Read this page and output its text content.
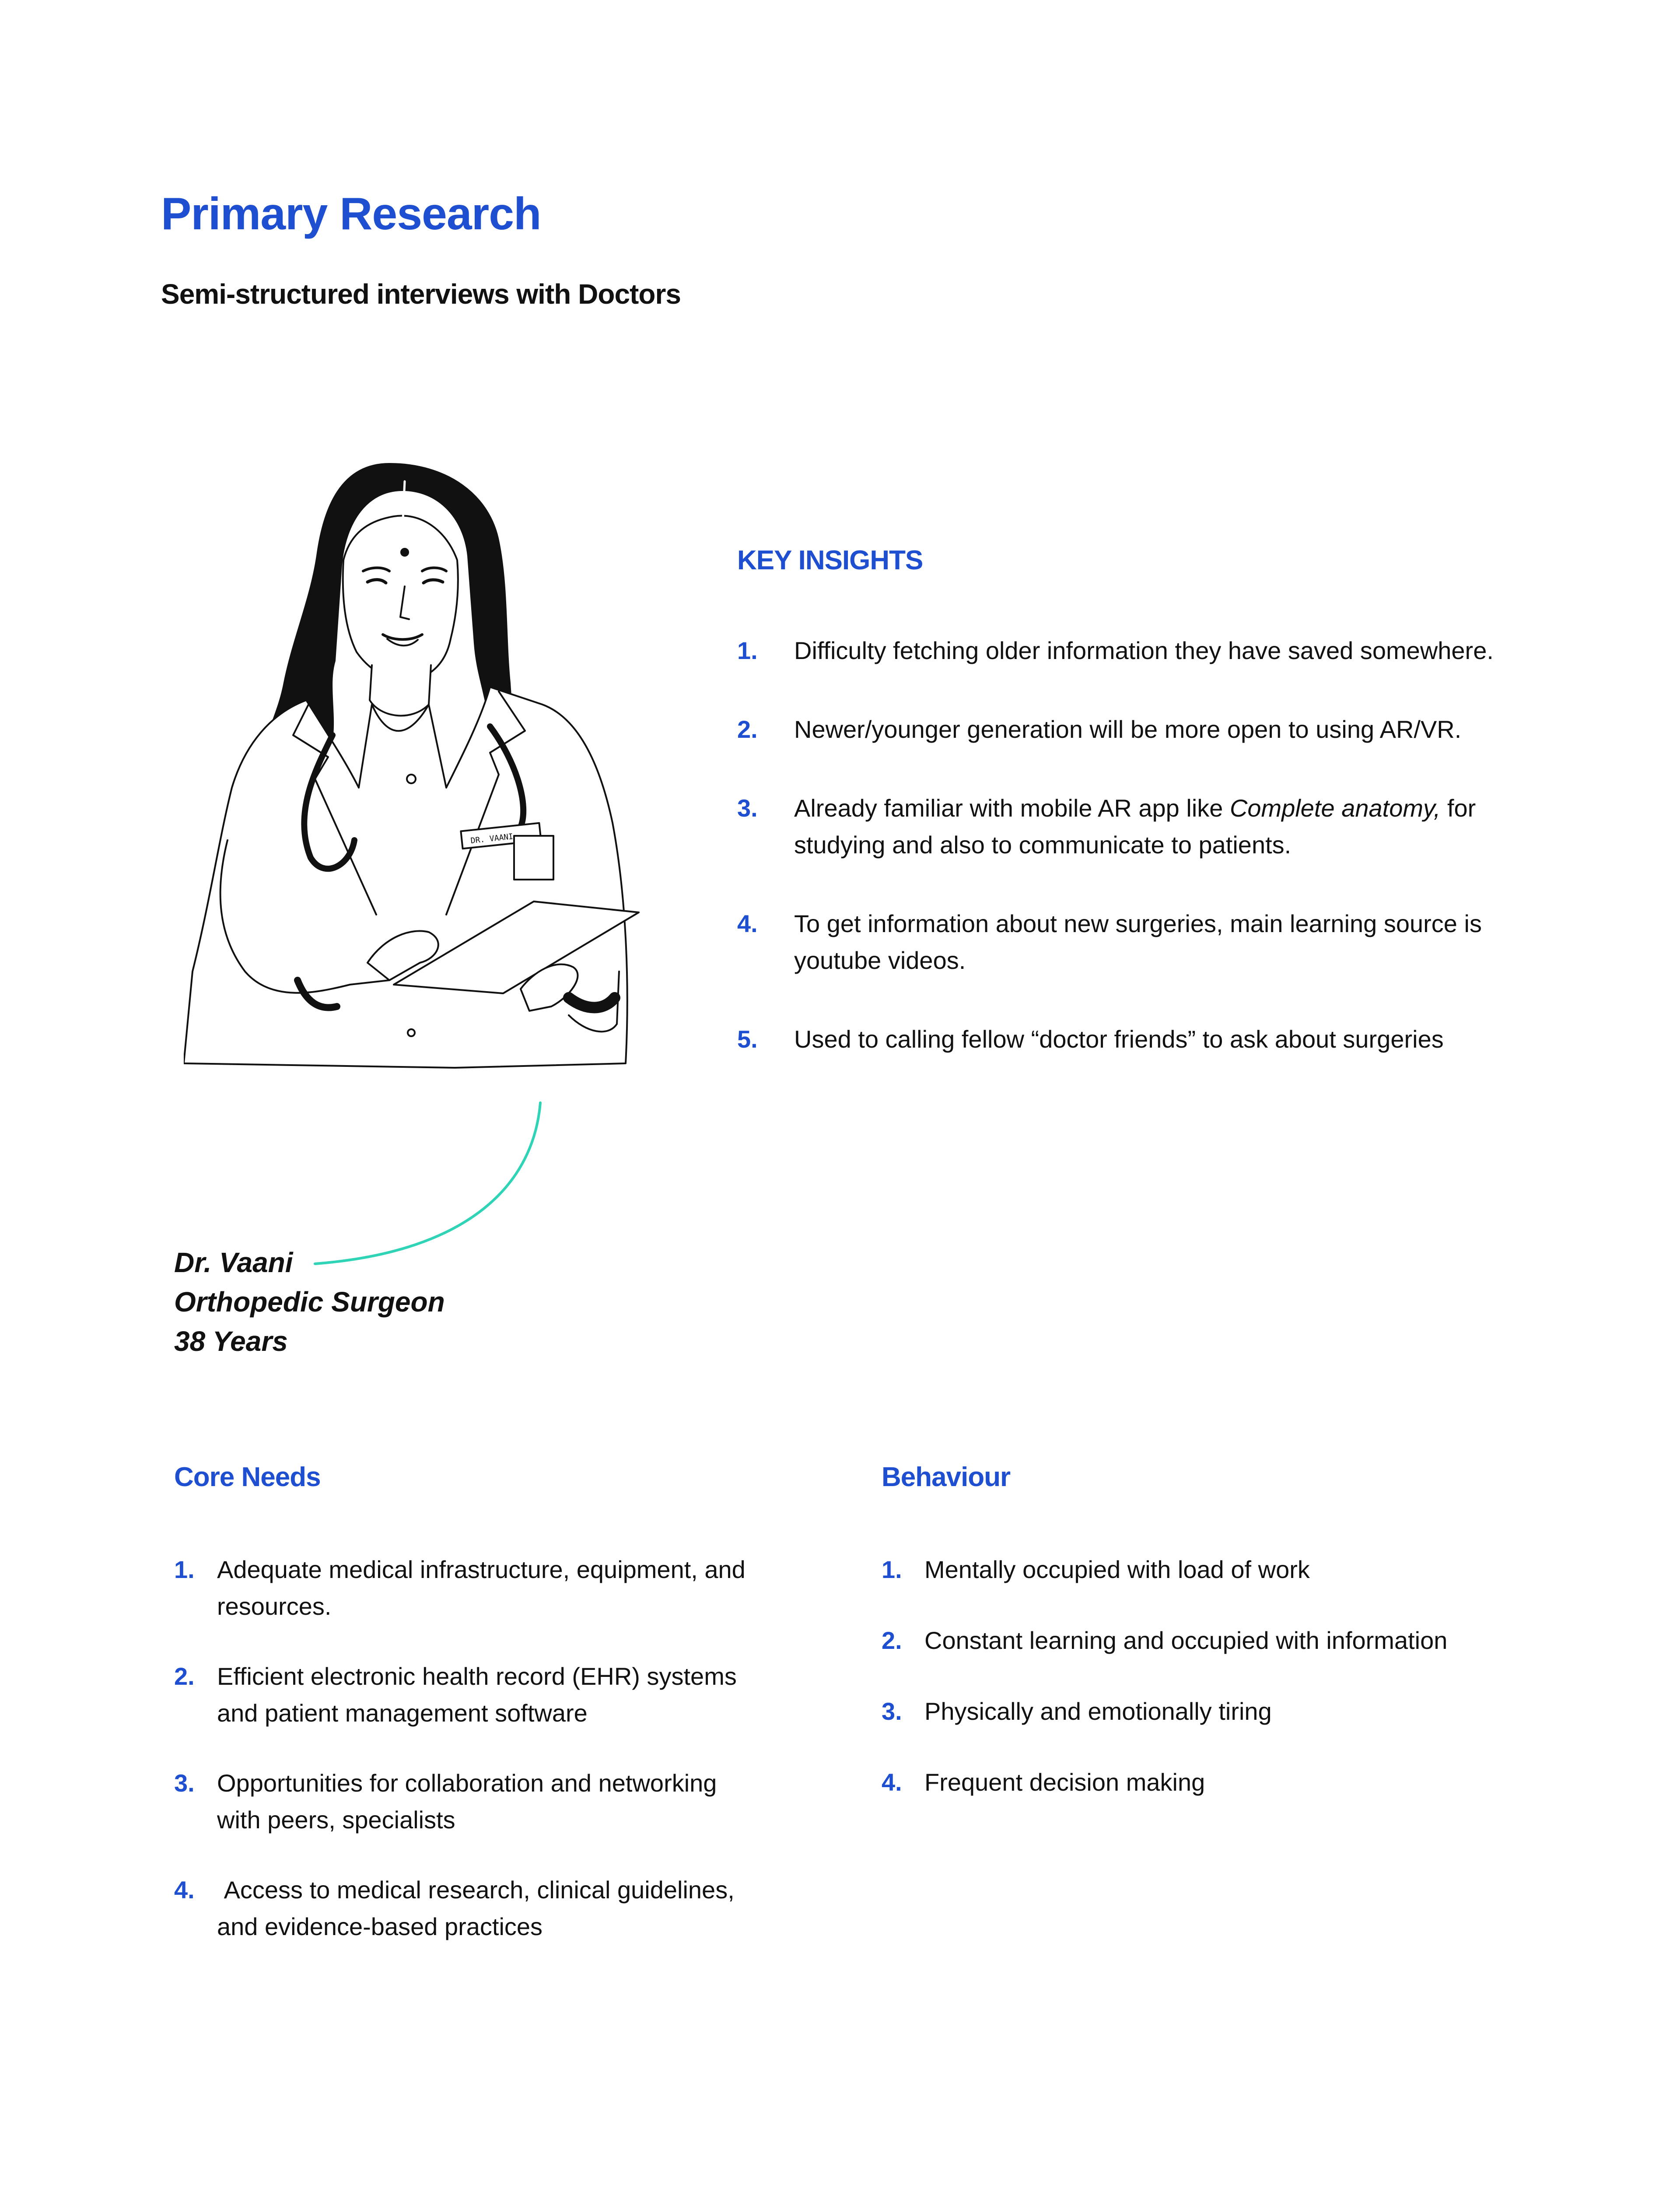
Primary Research
Semi-structured interviews with Doctors
DR. VAANI
Dr. Vaani
Orthopedic Surgeon
38 Years
KEY INSIGHTS
1.	Difficulty fetching older information they have saved somewhere.
2.	Newer/younger generation will be more open to using AR/VR.
3.	Already familiar with mobile AR app like Complete anatomy, for studying and also to communicate to patients.
4.	To get information about new surgeries, main learning source is youtube videos.
5.	Used to calling fellow “doctor friends” to ask about surgeries
Core Needs
1. Adequate medical infrastructure, equipment, and resources.
2. Efficient electronic health record (EHR) systems and patient management software
3. Opportunities for collaboration and networking with peers, specialists
4. Access to medical research, clinical guidelines, and evidence-based practices
Behaviour
1. Mentally occupied with load of work
2. Constant learning and occupied with information
3. Physically and emotionally tiring
4. Frequent decision making
